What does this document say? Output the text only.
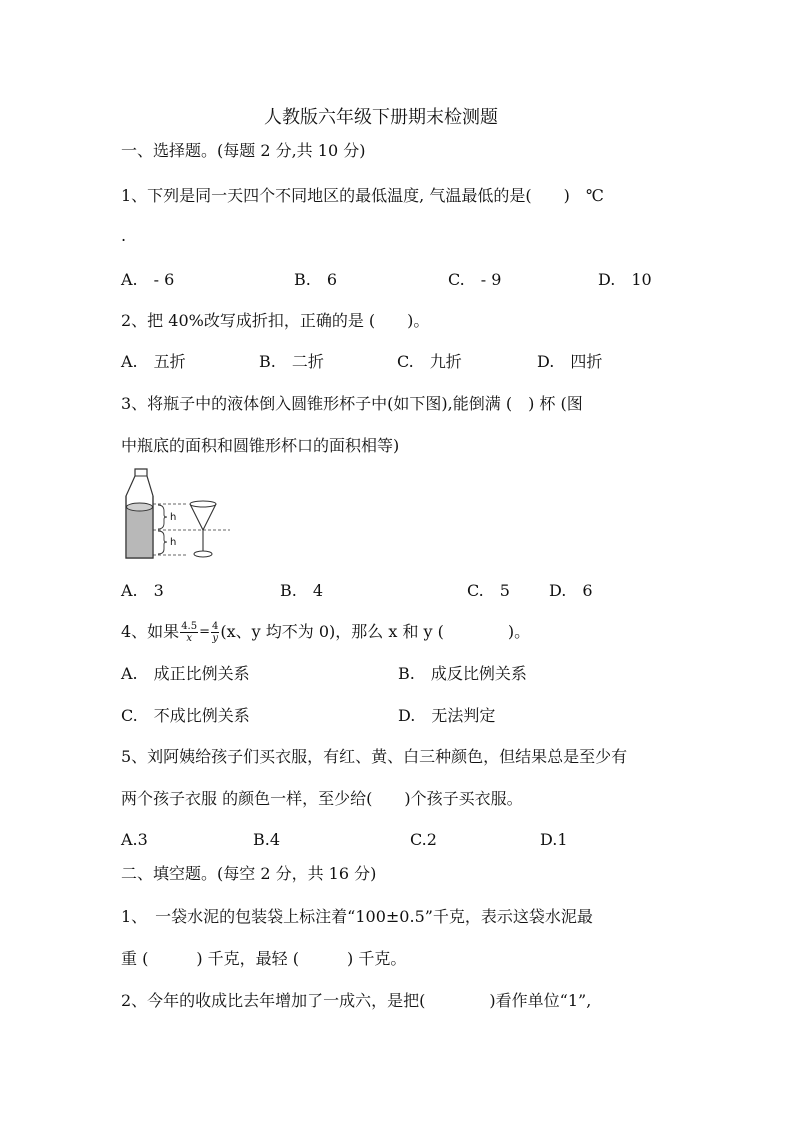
人教版六年级下册期末检测题
一、选择题。(每题 2 分,共 10 分)
1、下列是同一天四个不同地区的最低温度, 气温最低的是(　　)　℃
.
A.　- 6	B.　6	C.　- 9	D.　10
2、把 40%改写成折扣，正确的是 (　　)。
A.　五折	B.　二折	C.　九折	D.　四折
3、将瓶子中的液体倒入圆锥形杯子中(如下图),能倒满 (　) 杯 (图
中瓶底的面积和圆锥形杯口的面积相等)
h
h
A.　3	B.　4	C.　5 D.　6
4、如果 $\frac{4.5}{x} = \frac{4}{y} (x$、y 均不为 0)，那么 x 和 y (　　　　)。
A.　成正比例关系	B.　成反比例关系
C.　不成比例关系	D.　无法判定
5、刘阿姨给孩子们买衣服，有红、黄、白三种颜色，但结果总是至少有
两个孩子衣服 的颜色一样，至少给(　　)个孩子买衣服。
A.3	B.4	C.2	D.1
二、填空题。(每空 2 分，共 16 分)
1、　一袋水泥的包装袋上标注着“100±0.5”千克，表示这袋水泥最
重 (　　　) 千克，最轻 (　　　) 千克。
2、今年的收成比去年增加了一成六，是把(　　　　)看作单位“1”,
